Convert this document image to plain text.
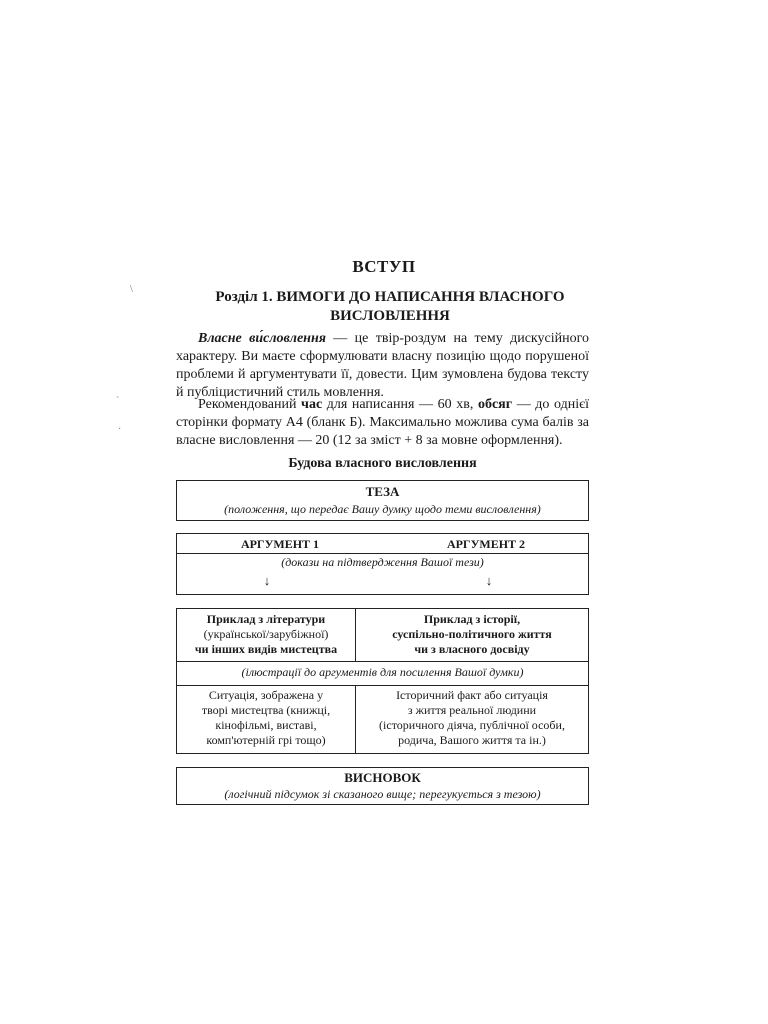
\
`
·
ВСТУП
Розділ 1. ВИМОГИ ДО НАПИСАННЯ ВЛАСНОГО
ВИСЛОВЛЕННЯ
Власне ви́словлення — це твір-роздум на тему дискусійного характеру. Ви маєте сформулювати власну позицію щодо порушеної проблеми й аргументувати її, довести. Цим зумовлена будова тексту й публіцистичний стиль мовлення.
Рекомендований час для написання — 60 хв, обсяг — до однієї сторінки формату А4 (бланк Б). Максимально можлива сума балів за власне висловлення — 20 (12 за зміст + 8 за мовне оформлення).
Будова власного висловлення
ТЕЗА
(положення, що передає Вашу думку щодо теми висловлення)
АРГУМЕНТ 1	АРГУМЕНТ 2
(докази на підтвердження Вашої тези)
↓	↓
Приклад з літератури
(української/зарубіжної)
чи інших видів мистецтва
Приклад з історії,
суспільно-політичного життя
чи з власного досвіду
(ілюстрації до аргументів для посилення Вашої думки)
Ситуація, зображена у
творі мистецтва (книжці,
кінофільмі, виставі,
комп'ютерній грі тощо)
Історичний факт або ситуація
з життя реальної людини
(історичного діяча, публічної особи,
родича, Вашого життя та ін.)
ВИСНОВОК
(логічний підсумок зі сказаного вище; перегукується з тезою)
